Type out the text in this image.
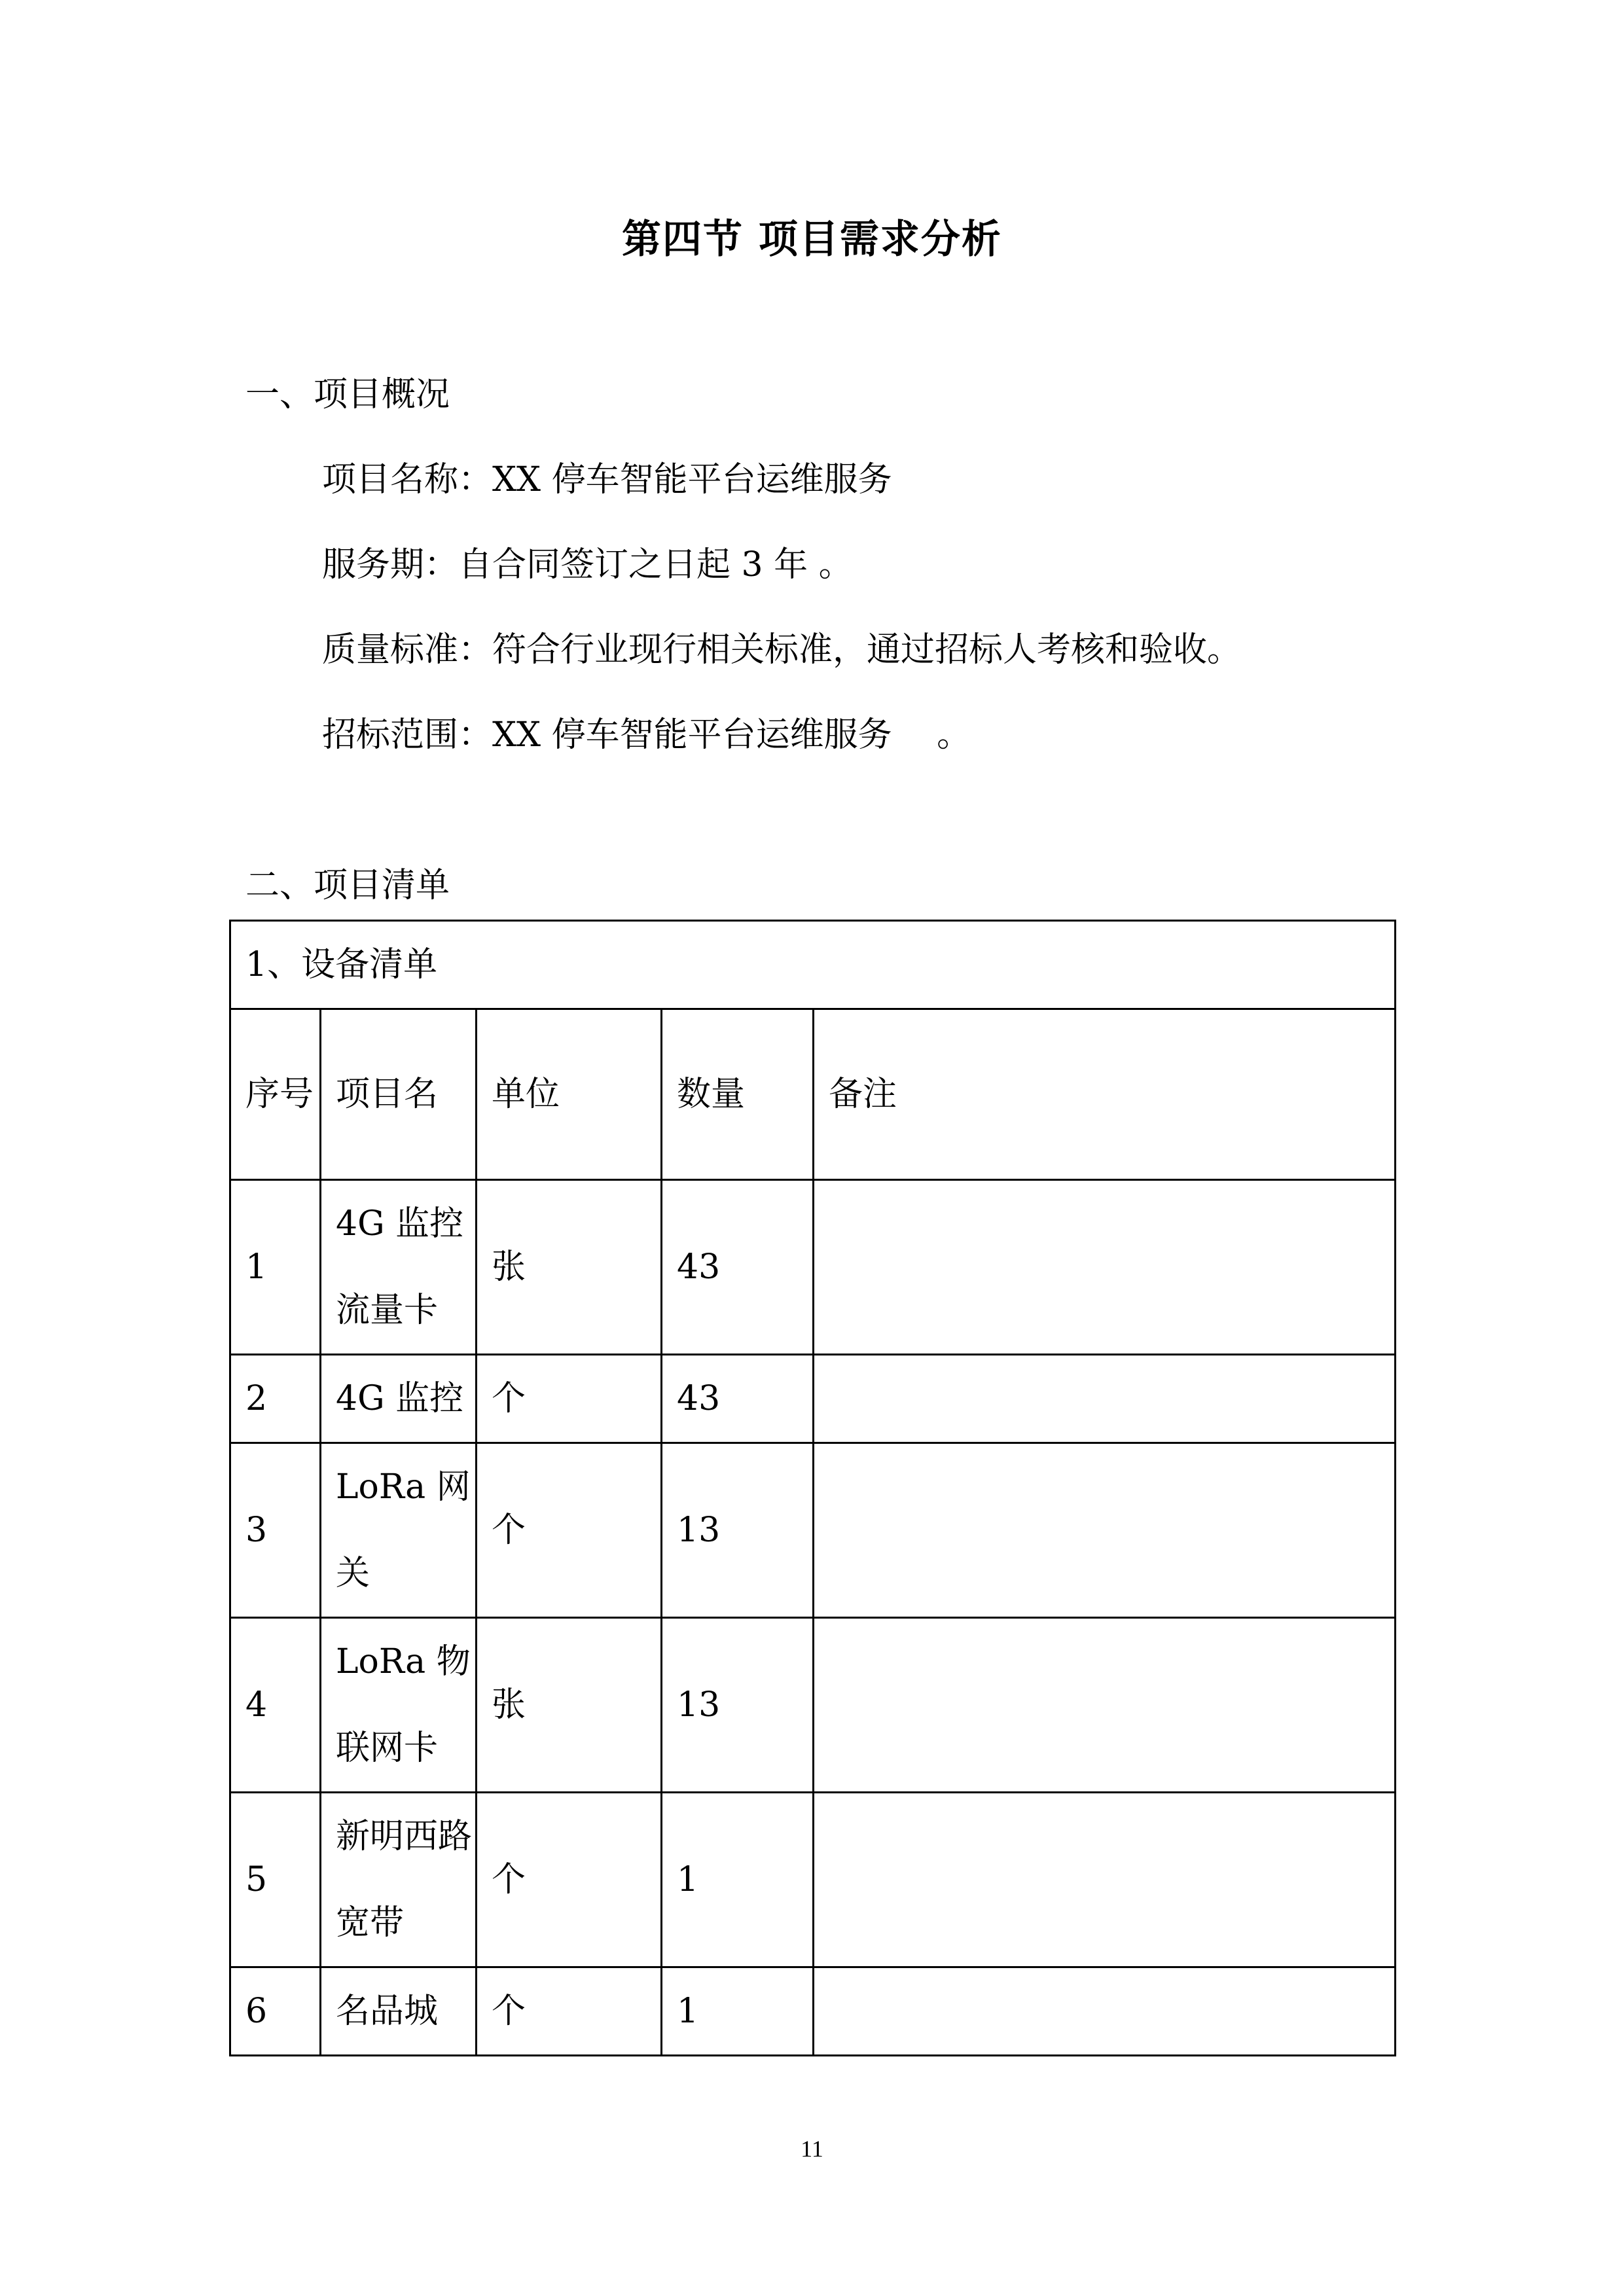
第四节 项目需求分析
一、项目概况
项目名称：XX 停车智能平台运维服务
服务期：自合同签订之日起 3 年 。
质量标准：符合行业现行相关标准，通过招标人考核和验收。
招标范围：XX 停车智能平台运维服务　 。
二、项目清单
1、设备清单				
序号	项目名	单位	数量	备注
1	4G 监控流量卡	张	43	
2	4G 监控	个	43	
3	LoRa 网关	个	13	
4	LoRa 物联网卡	张	13	
5	新明西路宽带	个	1	
6	名品城	个	1	
11
